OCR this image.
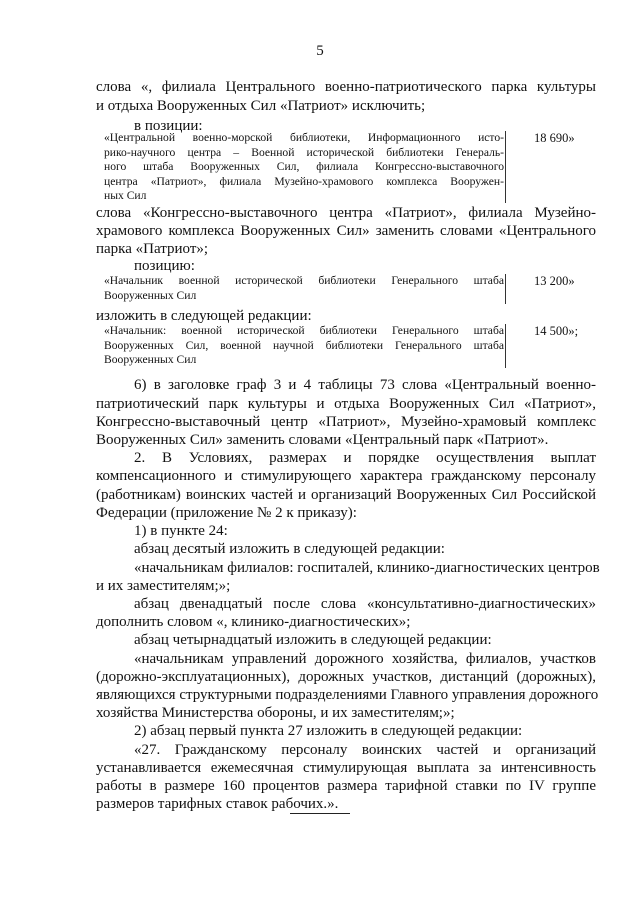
5

слова «, филиала Центрального военно-патриотического парка культуры

и отдыха Вооруженных Сил «Патриот» исключить;

в позиции:

«Центральной военно-морской библиотеки, Информационного исто-
рико-научного центра – Военной исторической библиотеки Генераль-
ного штаба Вооруженных Сил, филиала Конгрессно-выставочного
центра «Патриот», филиала Музейно-храмового комплекса Вооружен-
ных Сил
18 690»

слова «Конгрессно-выставочного центра «Патриот», филиала Музейно-

храмового комплекса Вооруженных Сил» заменить словами «Центрального

парка «Патриот»;

позицию:

«Начальник военной исторической библиотеки Генерального штаба
Вооруженных Сил
13 200»

изложить в следующей редакции:

«Начальник: военной исторической библиотеки Генерального штаба
Вооруженных Сил, военной научной библиотеки Генерального штаба
Вооруженных Сил
14 500»;

6) в заголовке граф 3 и 4 таблицы 73 слова «Центральный военно-

патриотический парк культуры и отдыха Вооруженных Сил «Патриот»,

Конгрессно-выставочный центр «Патриот», Музейно-храмовый комплекс

Вооруженных Сил» заменить словами «Центральный парк «Патриот».

2. В Условиях, размерах и порядке осуществления выплат

компенсационного и стимулирующего характера гражданскому персоналу

(работникам) воинских частей и организаций Вооруженных Сил Российской

Федерации (приложение № 2 к приказу):

1) в пункте 24:

абзац десятый изложить в следующей редакции:

«начальникам филиалов: госпиталей, клинико-диагностических центров

и их заместителям;»;

абзац двенадцатый после слова «консультативно-диагностических»

дополнить словом «, клинико-диагностических»;

абзац четырнадцатый изложить в следующей редакции:

«начальникам управлений дорожного хозяйства, филиалов, участков

(дорожно-эксплуатационных), дорожных участков, дистанций (дорожных),

являющихся структурными подразделениями Главного управления дорожного

хозяйства Министерства обороны, и их заместителям;»;

2) абзац первый пункта 27 изложить в следующей редакции:

«27. Гражданскому персоналу воинских частей и организаций

устанавливается ежемесячная стимулирующая выплата за интенсивность

работы в размере 160 процентов размера тарифной ставки по IV группе

размеров тарифных ставок рабочих.».
